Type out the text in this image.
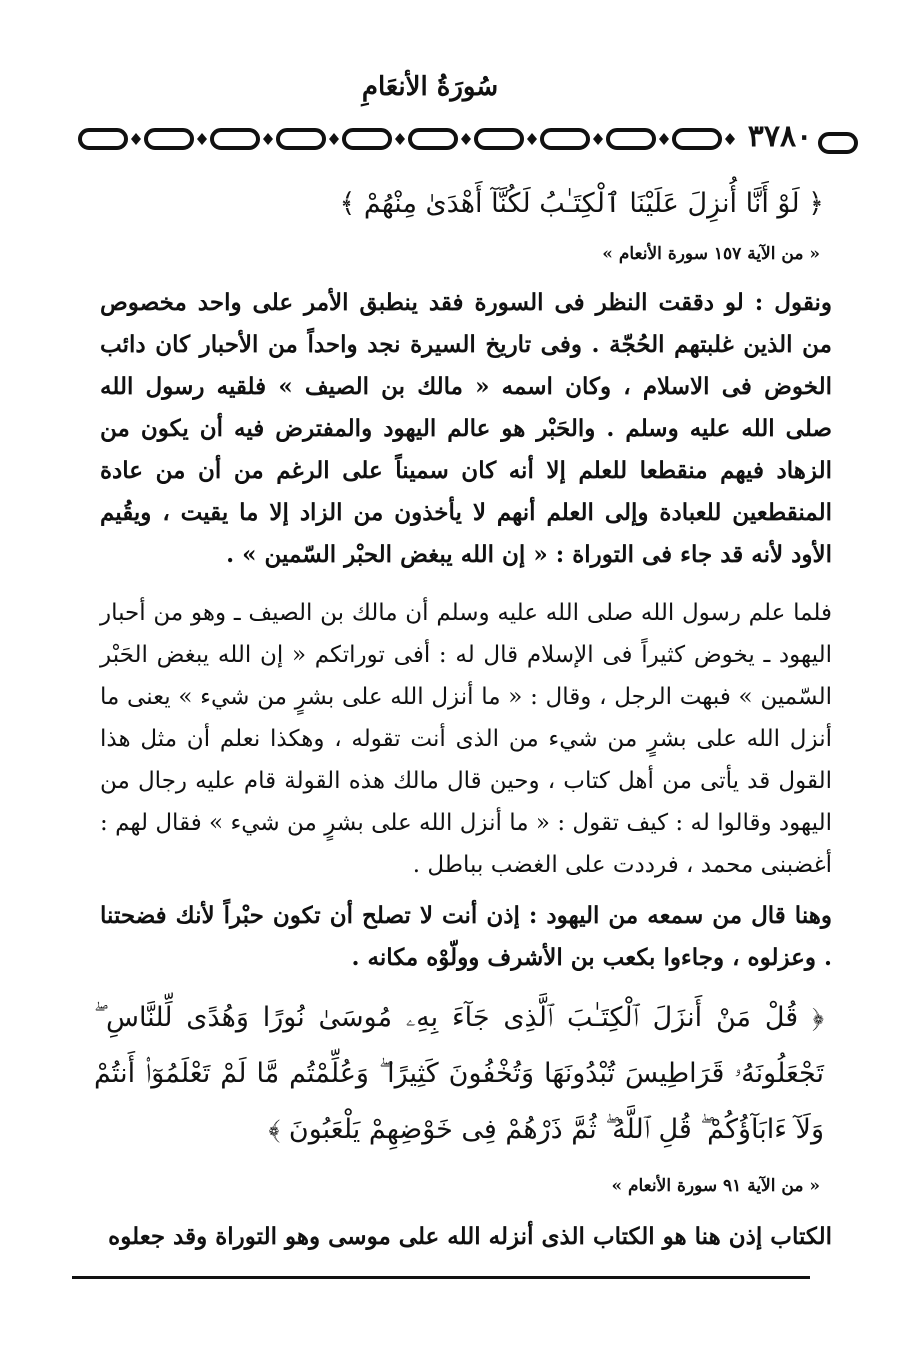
سُورَةُ الأنعَامِ
٣٧٨٠
﴿ لَوْ أَنَّا أُنزِلَ عَلَيْنَا ٱلْكِتَـٰبُ لَكُنَّآ أَهْدَىٰ مِنْهُمْ ﴾
« من الآية ١٥٧ سورة الأنعام »
ونقول : لو دققت النظر فى السورة فقد ينطبق الأمر على واحد مخصوص من الذين غلبتهم الحُجّة . وفى تاريخ السيرة نجد واحداً من الأحبار كان دائب الخوض فى الاسلام ، وكان اسمه « مالك بن الصيف » فلقيه رسول الله صلى الله عليه وسلم . والحَبْر هو عالم اليهود والمفترض فيه أن يكون من الزهاد فيهم منقطعا للعلم إلا أنه كان سميناً على الرغم من أن من عادة المنقطعين للعبادة وإلى العلم أنهم لا يأخذون من الزاد إلا ما يقيت ، ويقُيم الأود لأنه قد جاء فى التوراة : « إن الله يبغض الحبْر السّمين » .
فلما علم رسول الله صلى الله عليه وسلم أن مالك بن الصيف ـ وهو من أحبار اليهود ـ يخوض كثيراً فى الإسلام قال له : أفى توراتكم « إن الله يبغض الحَبْر السّمين » فبهت الرجل ، وقال : « ما أنزل الله على بشرٍ من شيء » يعنى ما أنزل الله على بشرٍ من شيء من الذى أنت تقوله ، وهكذا نعلم أن مثل هذا القول قد يأتى من أهل كتاب ، وحين قال مالك هذه القولة قام عليه رجال من اليهود وقالوا له : كيف تقول : « ما أنزل الله على بشرٍ من شيء » فقال لهم : أغضبنى محمد ، فرددت على الغضب بباطل .
وهنا قال من سمعه من اليهود : إذن أنت لا تصلح أن تكون حبْراً لأنك فضحتنا . وعزلوه ، وجاءوا بكعب بن الأشرف وولّوْه مكانه .
﴿ قُلْ مَنْ أَنزَلَ ٱلْكِتَـٰبَ ٱلَّذِى جَآءَ بِهِۦ مُوسَىٰ نُورًا وَهُدًى لِّلنَّاسِ ۖ تَجْعَلُونَهُۥ قَرَاطِيسَ تُبْدُونَهَا وَتُخْفُونَ كَثِيرًا ۖ وَعُلِّمْتُم مَّا لَمْ تَعْلَمُوٓا۟ أَنتُمْ وَلَآ ءَابَآؤُكُمْ ۖ قُلِ ٱللَّهُ ۖ ثُمَّ ذَرْهُمْ فِى خَوْضِهِمْ يَلْعَبُونَ ﴾
« من الآية ٩١ سورة الأنعام »
الكتاب إذن هنا هو الكتاب الذى أنزله الله على موسى وهو التوراة وقد جعلوه
